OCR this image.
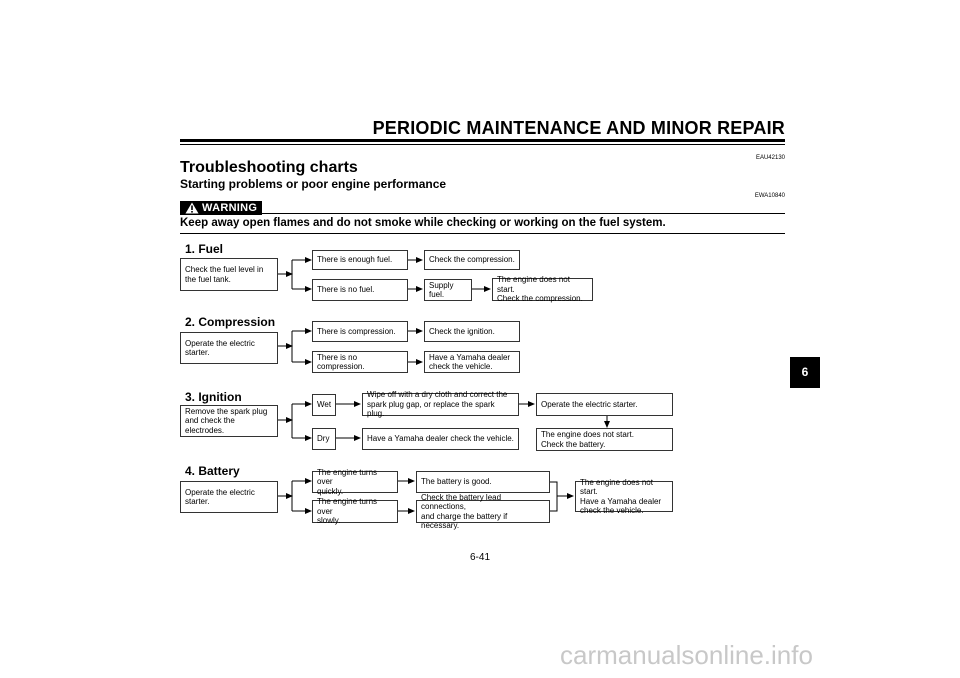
PERIODIC MAINTENANCE AND MINOR REPAIR
EAU42130
Troubleshooting charts
Starting problems or poor engine performance
EWA10840
WARNING
Keep away open flames and do not smoke while checking or working on the fuel system.
1. Fuel
Check the fuel level in
the fuel tank.
There is enough fuel.	Check the compression.
There is no fuel.
Supply fuel.
The engine does not start.
Check the compression.
2. Compression
Operate the electric starter.
There is compression.	Check the ignition.
There is no compression.
Have a Yamaha dealer
check the vehicle.
3. Ignition
Remove the spark plug
and check the electrodes.
Wet
Wipe off with a dry cloth and correct the
spark plug gap, or replace the spark plug.
Operate the electric starter.
Dry	Have a Yamaha dealer check the vehicle.	The engine does not start.
Check the battery.
4. Battery
Operate the electric starter.
The engine turns over
quickly.
The battery is good.
The engine turns over
slowly.
Check the battery lead connections,
and charge the battery if necessary.
The engine does not start.
Have a Yamaha dealer
check the vehicle.
6
6-41
carmanualsonline.info
